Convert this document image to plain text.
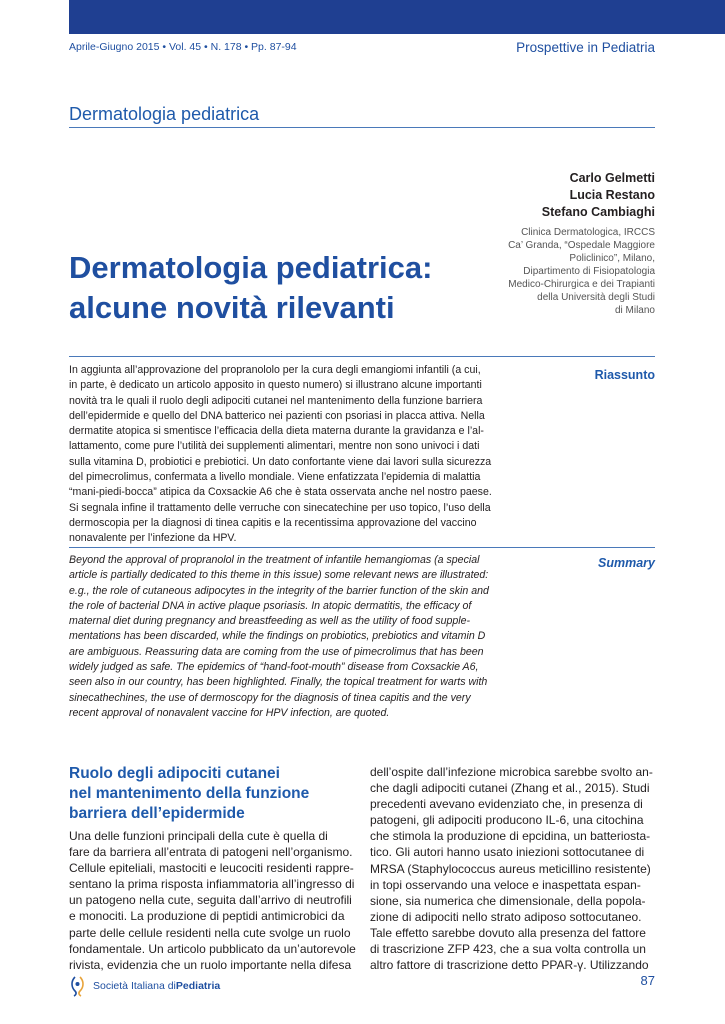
Aprile-Giugno 2015 • Vol. 45 • N. 178 • Pp. 87-94	Prospettive in Pediatria
Dermatologia pediatrica
Carlo Gelmetti
Lucia Restano
Stefano Cambiaghi
Clinica Dermatologica, IRCCS
Ca’ Granda, “Ospedale Maggiore
Policlinico”, Milano,
Dipartimento di Fisiopatologia
Medico-Chirurgica e dei Trapianti
della Università degli Studi
di Milano
Dermatologia pediatrica:
alcune novità rilevanti
Riassunto
In aggiunta all’approvazione del propranololo per la cura degli emangiomi infantili (a cui,
in parte, è dedicato un articolo apposito in questo numero) si illustrano alcune importanti
novità tra le quali il ruolo degli adipociti cutanei nel mantenimento della funzione barriera
dell’epidermide e quello del DNA batterico nei pazienti con psoriasi in placca attiva. Nella
dermatite atopica si smentisce l’efficacia della dieta materna durante la gravidanza e l’al-
lattamento, come pure l’utilità dei supplementi alimentari, mentre non sono univoci i dati
sulla vitamina D, probiotici e prebiotici. Un dato confortante viene dai lavori sulla sicurezza
del pimecrolimus, confermata a livello mondiale. Viene enfatizzata l’epidemia di malattia
“mani-piedi-bocca” atipica da Coxsackie A6 che è stata osservata anche nel nostro paese.
Si segnala infine il trattamento delle verruche con sinecatechine per uso topico, l’uso della
dermoscopia per la diagnosi di tinea capitis e la recentissima approvazione del vaccino
nonavalente per l’infezione da HPV.
Summary
Beyond the approval of propranolol in the treatment of infantile hemangiomas (a special
article is partially dedicated to this theme in this issue) some relevant news are illustrated:
e.g., the role of cutaneous adipocytes in the integrity of the barrier function of the skin and
the role of bacterial DNA in active plaque psoriasis. In atopic dermatitis, the efficacy of
maternal diet during pregnancy and breastfeeding as well as the utility of food supple-
mentations has been discarded, while the findings on probiotics, prebiotics and vitamin D
are ambiguous. Reassuring data are coming from the use of pimecrolimus that has been
widely judged as safe. The epidemics of “hand-foot-mouth” disease from Coxsackie A6,
seen also in our country, has been highlighted. Finally, the topical treatment for warts with
sinecathechines, the use of dermoscopy for the diagnosis of tinea capitis and the very
recent approval of nonavalent vaccine for HPV infection, are quoted.
Ruolo degli adipociti cutanei
nel mantenimento della funzione
barriera dell’epidermide

Una delle funzioni principali della cute è quella di

fare da barriera all’entrata di patogeni nell’organismo.

Cellule epiteliali, mastociti e leucociti residenti rappre-

sentano la prima risposta infiammatoria all’ingresso di

un patogeno nella cute, seguita dall’arrivo di neutrofili

e monociti. La produzione di peptidi antimicrobici da

parte delle cellule residenti nella cute svolge un ruolo

fondamentale. Un articolo pubblicato da un’autorevole

rivista, evidenzia che un ruolo importante nella difesa

dell’ospite dall’infezione microbica sarebbe svolto an-

che dagli adipociti cutanei (Zhang et al., 2015). Studi

precedenti avevano evidenziato che, in presenza di

patogeni, gli adipociti producono IL-6, una citochina

che stimola la produzione di epcidina, un batteriosta-

tico. Gli autori hanno usato iniezioni sottocutanee di

MRSA (Staphylococcus aureus meticillino resistente)

in topi osservando una veloce e inaspettata espan-

sione, sia numerica che dimensionale, della popola-

zione di adipociti nello strato adiposo sottocutaneo.

Tale effetto sarebbe dovuto alla presenza del fattore

di trascrizione ZFP 423, che a sua volta controlla un

altro fattore di trascrizione detto PPAR-γ. Utilizzando

Società Italiana di Pediatria	87
